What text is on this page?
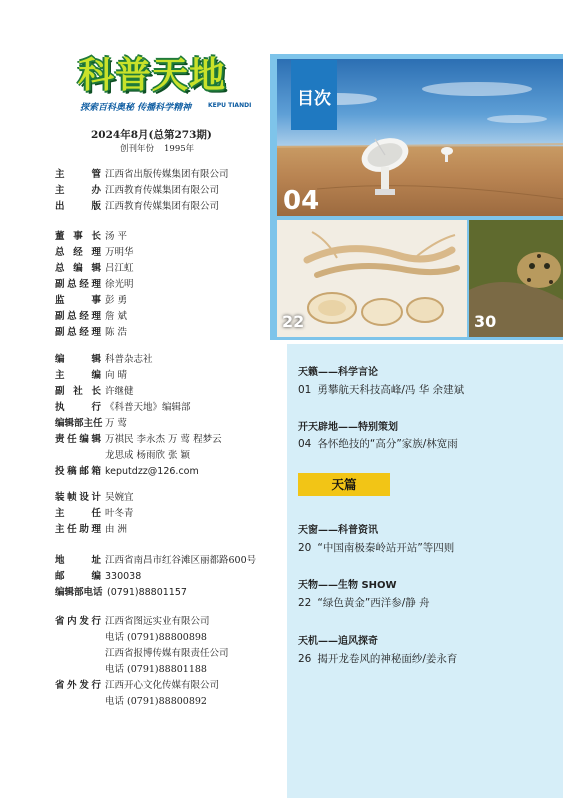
科普天地
探索百科奥秘 传播科学精神	KEPU TIANDI
2024年8月(总第273期)
创刊年份 1995年
主 管 江西省出版传媒集团有限公司
主 办 江西教育传媒集团有限公司
出 版 江西教育传媒集团有限公司
董事长 汤 平
总经理 万明华
总编辑 吕江虹
副总经理 徐光明
监 事 彭 勇
副总经理 詹 斌
副总经理 陈 浩
编 辑 科普杂志社
主 编 向 晴
副社长 许继健
执 行 《科普天地》编辑部
编辑部主任 万 莺
责任编辑 万祺民 李永杰 万 莺 程梦云
龙思成 杨雨欣 张 颖
投稿邮箱 keputdzz@126.com
装帧设计 吴婉宜
主 任 叶冬青
主任助理 由 洲
地 址 江西省南昌市红谷滩区丽都路600号
邮 编 330038
编辑部电话 (0791)88801157
省内发行 江西省图远实业有限公司
电话 (0791)88800898
江西省报博传媒有限责任公司
电话 (0791)88801188
省外发行 江西开心文化传媒有限公司
电话 (0791)88800892
目次
04
22	30
天籁——科学言论
01 勇攀航天科技高峰/冯 华 余建斌
开天辟地——特别策划
04 各怀绝技的“高分”家族/林宽雨
天篇
天窗——科普资讯
20 “中国南极秦岭站开站”等四则
天物——生物 SHOW
22 “绿色黄金”西洋参/静 舟
天机——追风探奇
26 揭开龙卷风的神秘面纱/姜永育
